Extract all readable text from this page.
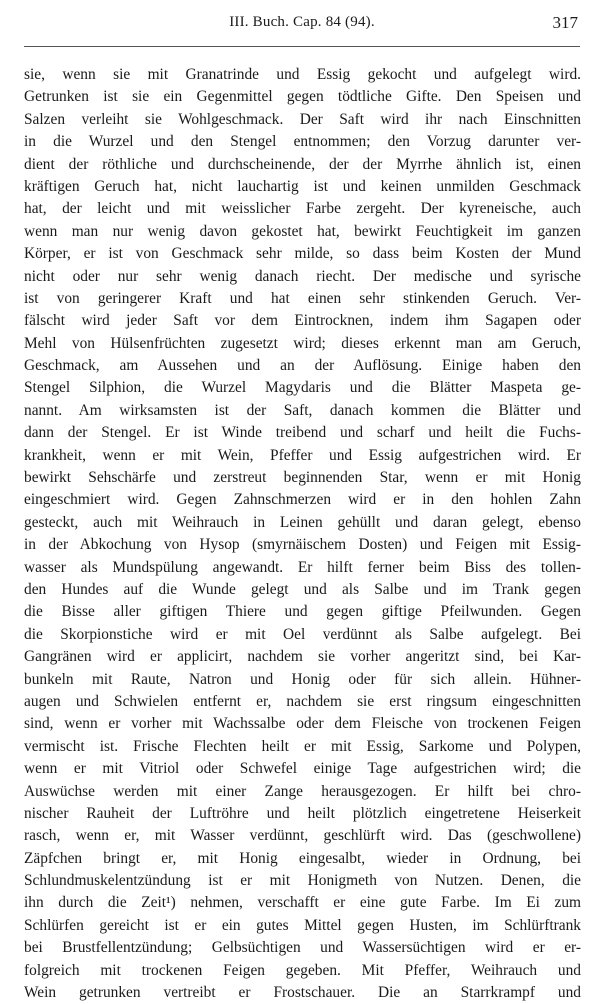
III. Buch. Cap. 84 (94).	317
sie, wenn sie mit Granatrinde und Essig gekocht und aufgelegt wird.
Getrunken ist sie ein Gegenmittel gegen tödtliche Gifte. Den Speisen und
Salzen verleiht sie Wohlgeschmack. Der Saft wird ihr nach Einschnitten
in die Wurzel und den Stengel entnommen; den Vorzug darunter ver-
dient der röthliche und durchscheinende, der der Myrrhe ähnlich ist, einen
kräftigen Geruch hat, nicht lauchartig ist und keinen unmilden Geschmack
hat, der leicht und mit weisslicher Farbe zergeht. Der kyreneische, auch
wenn man nur wenig davon gekostet hat, bewirkt Feuchtigkeit im ganzen
Körper, er ist von Geschmack sehr milde, so dass beim Kosten der Mund
nicht oder nur sehr wenig danach riecht. Der medische und syrische
ist von geringerer Kraft und hat einen sehr stinkenden Geruch. Ver-
fälscht wird jeder Saft vor dem Eintrocknen, indem ihm Sagapen oder
Mehl von Hülsenfrüchten zugesetzt wird; dieses erkennt man am Geruch,
Geschmack, am Aussehen und an der Auflösung. Einige haben den
Stengel Silphion, die Wurzel Magydaris und die Blätter Maspeta ge-
nannt. Am wirksamsten ist der Saft, danach kommen die Blätter und
dann der Stengel. Er ist Winde treibend und scharf und heilt die Fuchs-
krankheit, wenn er mit Wein, Pfeffer und Essig aufgestrichen wird. Er
bewirkt Sehschärfe und zerstreut beginnenden Star, wenn er mit Honig
eingeschmiert wird. Gegen Zahnschmerzen wird er in den hohlen Zahn
gesteckt, auch mit Weihrauch in Leinen gehüllt und daran gelegt, ebenso
in der Abkochung von Hysop (smyrnäischem Dosten) und Feigen mit Essig-
wasser als Mundspülung angewandt. Er hilft ferner beim Biss des tollen-
den Hundes auf die Wunde gelegt und als Salbe und im Trank gegen
die Bisse aller giftigen Thiere und gegen giftige Pfeilwunden. Gegen
die Skorpionstiche wird er mit Oel verdünnt als Salbe aufgelegt. Bei
Gangränen wird er applicirt, nachdem sie vorher angeritzt sind, bei Kar-
bunkeln mit Raute, Natron und Honig oder für sich allein. Hühner-
augen und Schwielen entfernt er, nachdem sie erst ringsum eingeschnitten
sind, wenn er vorher mit Wachssalbe oder dem Fleische von trockenen Feigen
vermischt ist. Frische Flechten heilt er mit Essig, Sarkome und Polypen,
wenn er mit Vitriol oder Schwefel einige Tage aufgestrichen wird; die
Auswüchse werden mit einer Zange herausgezogen. Er hilft bei chro-
nischer Rauheit der Luftröhre und heilt plötzlich eingetretene Heiserkeit
rasch, wenn er, mit Wasser verdünnt, geschlürft wird. Das (geschwollene)
Zäpfchen bringt er, mit Honig eingesalbt, wieder in Ordnung, bei
Schlundmuskelentzündung ist er mit Honigmeth von Nutzen. Denen, die
ihn durch die Zeit¹) nehmen, verschafft er eine gute Farbe. Im Ei zum
Schlürfen gereicht ist er ein gutes Mittel gegen Husten, im Schlürftrank
bei Brustfellentzündung; Gelbsüchtigen und Wassersüchtigen wird er er-
folgreich mit trockenen Feigen gegeben. Mit Pfeffer, Weihrauch und
Wein getrunken vertreibt er Frostschauer. Die an Starrkrampf und
